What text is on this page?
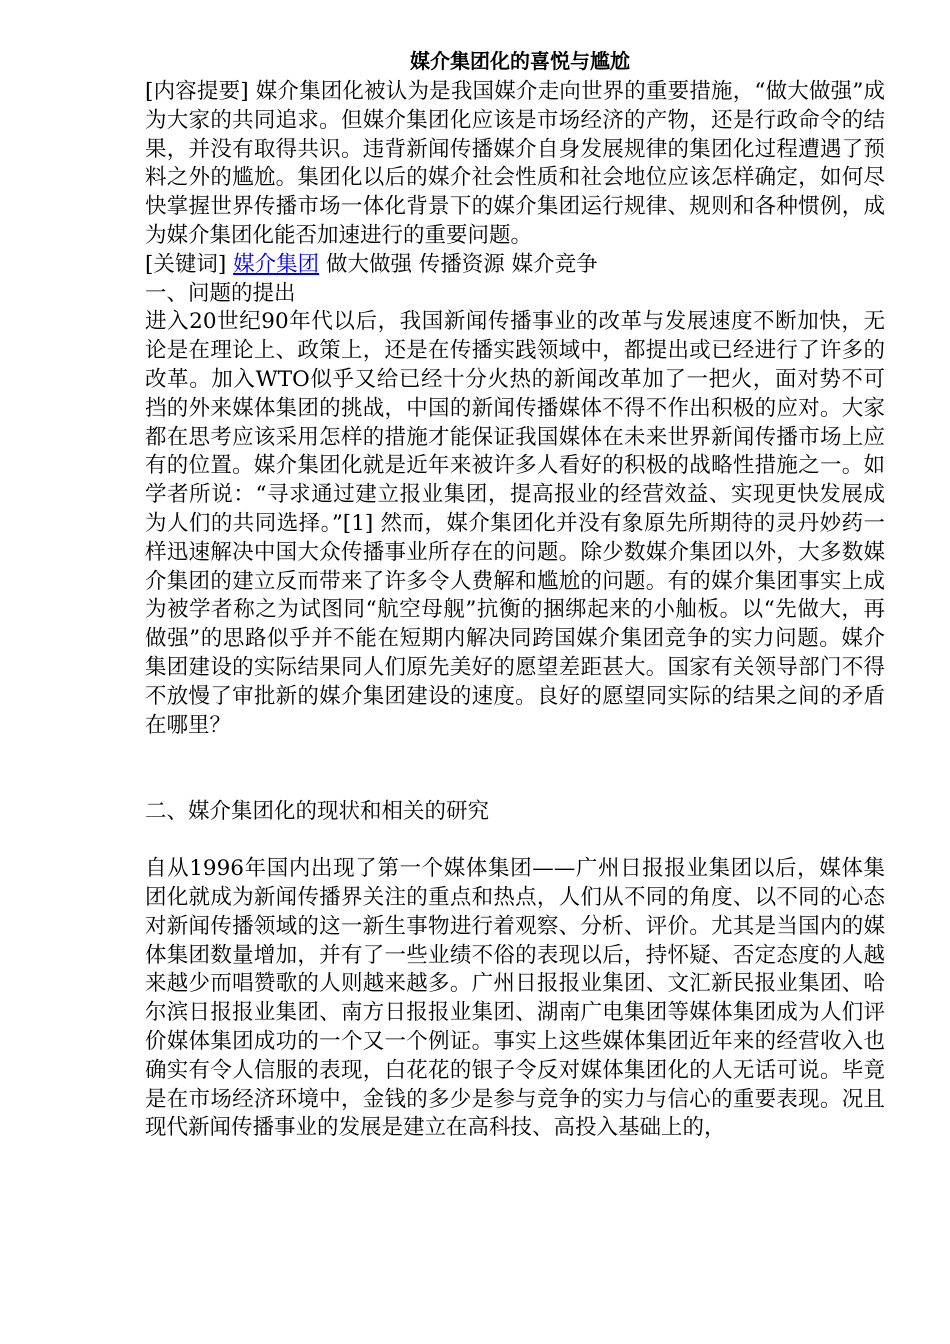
媒介集团化的喜悦与尴尬

[内容提要] 媒介集团化被认为是我国媒介走向世界的重要措施，“做大做强”成为大家的共同追求。但媒介集团化应该是市场经济的产物，还是行政命令的结果，并没有取得共识。违背新闻传播媒介自身发展规律的集团化过程遭遇了预料之外的尴尬。集团化以后的媒介社会性质和社会地位应该怎样确定，如何尽快掌握世界传播市场一体化背景下的媒介集团运行规律、规则和各种惯例，成为媒介集团化能否加速进行的重要问题。

[关键词] 媒介集团 做大做强 传播资源 媒介竞争

一、问题的提出

进入20世纪90年代以后，我国新闻传播事业的改革与发展速度不断加快，无论是在理论上、政策上，还是在传播实践领域中，都提出或已经进行了许多的改革。加入WTO似乎又给已经十分火热的新闻改革加了一把火，面对势不可挡的外来媒体集团的挑战，中国的新闻传播媒体不得不作出积极的应对。大家都在思考应该采用怎样的措施才能保证我国媒体在未来世界新闻传播市场上应有的位置。媒介集团化就是近年来被许多人看好的积极的战略性措施之一。如学者所说：“寻求通过建立报业集团，提高报业的经营效益、实现更快发展成为人们的共同选择。”[1] 然而，媒介集团化并没有象原先所期待的灵丹妙药一样迅速解决中国大众传播事业所存在的问题。除少数媒介集团以外，大多数媒介集团的建立反而带来了许多令人费解和尴尬的问题。有的媒介集团事实上成为被学者称之为试图同“航空母舰”抗衡的捆绑起来的小舢板。以“先做大，再做强”的思路似乎并不能在短期内解决同跨国媒介集团竞争的实力问题。媒介集团建设的实际结果同人们原先美好的愿望差距甚大。国家有关领导部门不得不放慢了审批新的媒介集团建设的速度。良好的愿望同实际的结果之间的矛盾在哪里？

二、媒介集团化的现状和相关的研究

自从1996年国内出现了第一个媒体集团——广州日报报业集团以后，媒体集团化就成为新闻传播界关注的重点和热点，人们从不同的角度、以不同的心态对新闻传播领域的这一新生事物进行着观察、分析、评价。尤其是当国内的媒体集团数量增加，并有了一些业绩不俗的表现以后，持怀疑、否定态度的人越来越少而唱赞歌的人则越来越多。广州日报报业集团、文汇新民报业集团、哈尔滨日报报业集团、南方日报报业集团、湖南广电集团等媒体集团成为人们评价媒体集团成功的一个又一个例证。事实上这些媒体集团近年来的经营收入也确实有令人信服的表现，白花花的银子令反对媒体集团化的人无话可说。毕竟是在市场经济环境中，金钱的多少是参与竞争的实力与信心的重要表现。况且现代新闻传播事业的发展是建立在高科技、高投入基础上的，
